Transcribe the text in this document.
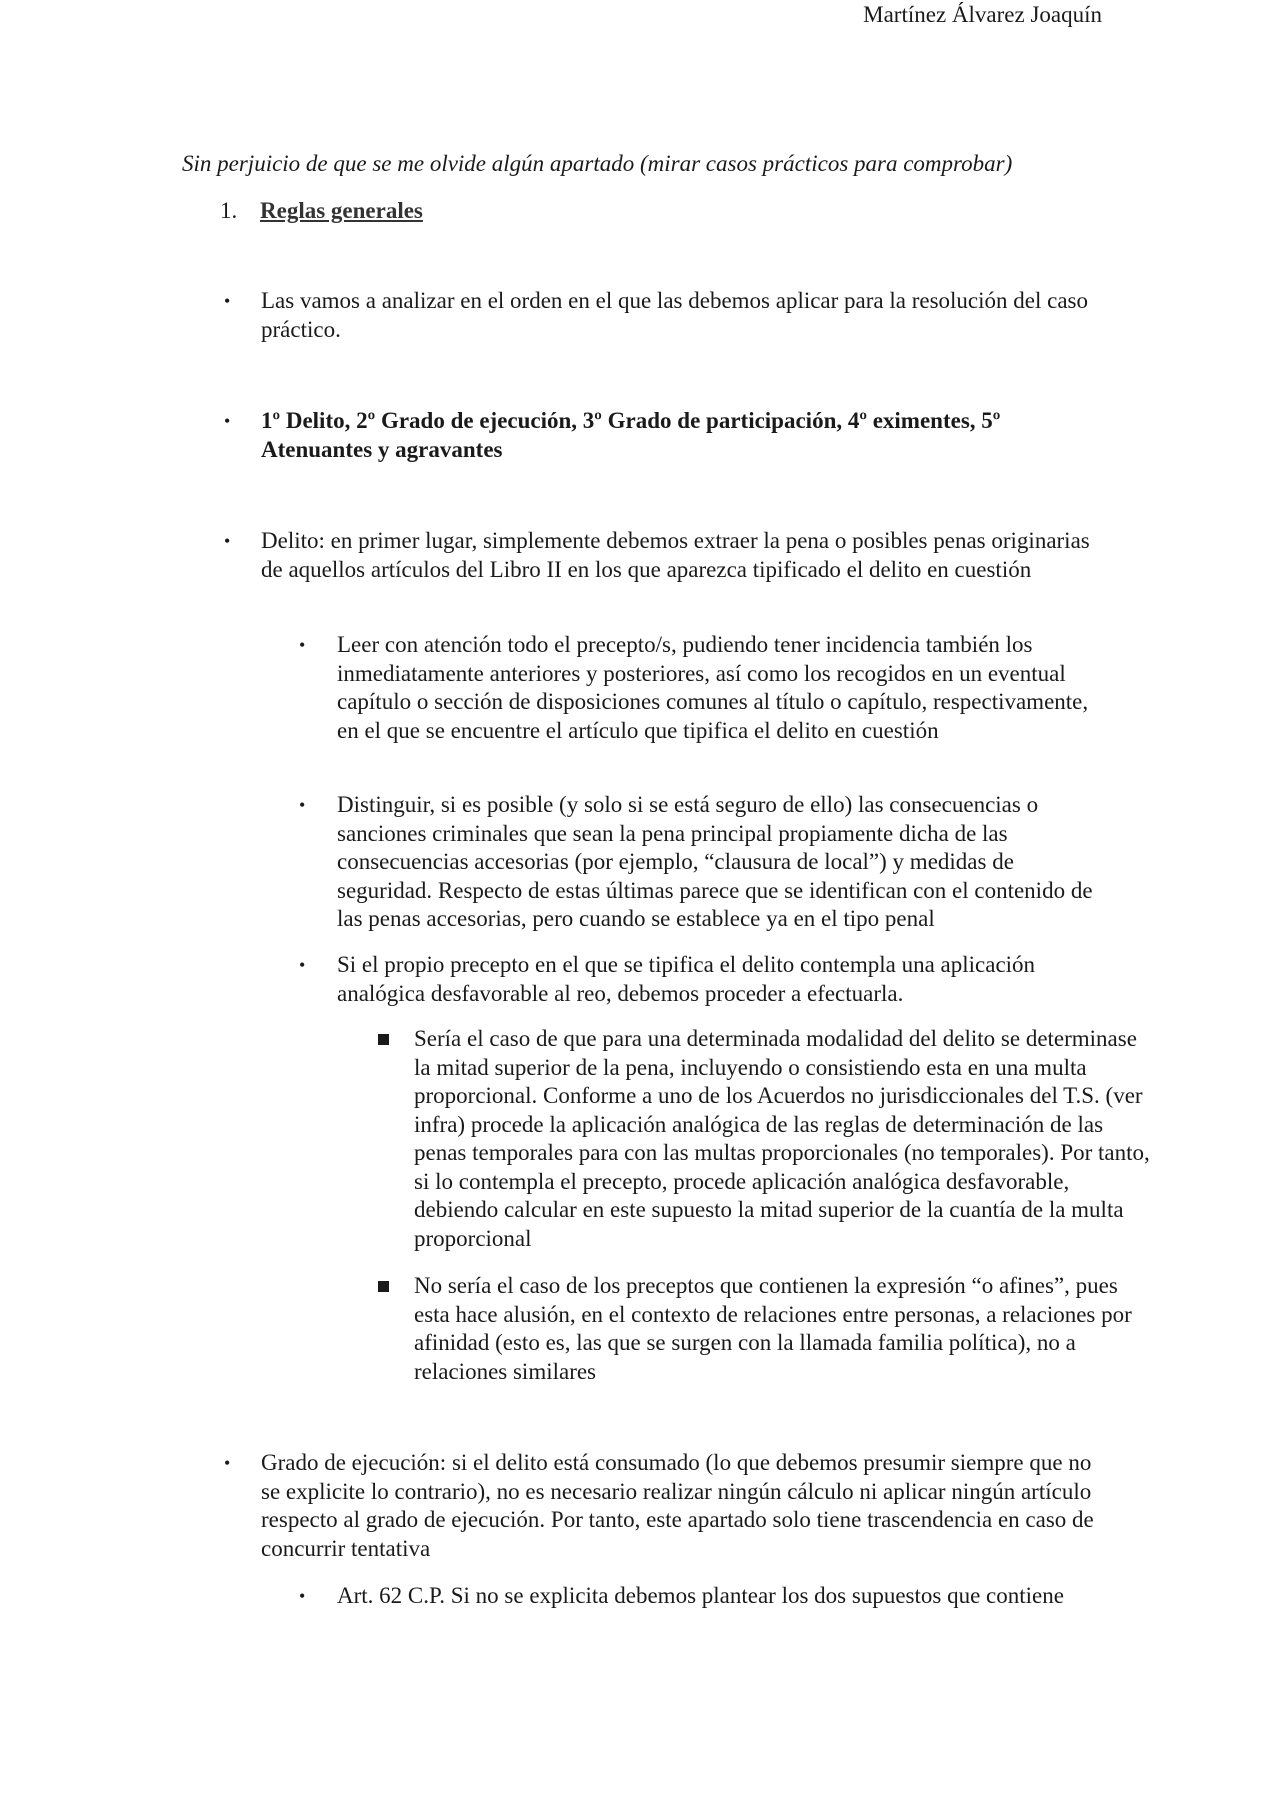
Martínez Álvarez Joaquín
Sin perjuicio de que se me olvide algún apartado (mirar casos prácticos para comprobar)
1. Reglas generales
• Las vamos a analizar en el orden en el que las debemos aplicar para la resolución del caso práctico.
• 1º Delito, 2º Grado de ejecución, 3º Grado de participación, 4º eximentes, 5º Atenuantes y agravantes
• Delito: en primer lugar, simplemente debemos extraer la pena o posibles penas originarias de aquellos artículos del Libro II en los que aparezca tipificado el delito en cuestión
• Leer con atención todo el precepto/s, pudiendo tener incidencia también los inmediatamente anteriores y posteriores, así como los recogidos en un eventual capítulo o sección de disposiciones comunes al título o capítulo, respectivamente, en el que se encuentre el artículo que tipifica el delito en cuestión
• Distinguir, si es posible (y solo si se está seguro de ello) las consecuencias o sanciones criminales que sean la pena principal propiamente dicha de las consecuencias accesorias (por ejemplo, “clausura de local”) y medidas de seguridad. Respecto de estas últimas parece que se identifican con el contenido de las penas accesorias, pero cuando se establece ya en el tipo penal
• Si el propio precepto en el que se tipifica el delito contempla una aplicación analógica desfavorable al reo, debemos proceder a efectuarla.
Sería el caso de que para una determinada modalidad del delito se determinase la mitad superior de la pena, incluyendo o consistiendo esta en una multa proporcional. Conforme a uno de los Acuerdos no jurisdiccionales del T.S. (ver infra) procede la aplicación analógica de las reglas de determinación de las penas temporales para con las multas proporcionales (no temporales). Por tanto, si lo contempla el precepto, procede aplicación analógica desfavorable, debiendo calcular en este supuesto la mitad superior de la cuantía de la multa proporcional
No sería el caso de los preceptos que contienen la expresión “o afines”, pues esta hace alusión, en el contexto de relaciones entre personas, a relaciones por afinidad (esto es, las que se surgen con la llamada familia política), no a relaciones similares
• Grado de ejecución: si el delito está consumado (lo que debemos presumir siempre que no se explicite lo contrario), no es necesario realizar ningún cálculo ni aplicar ningún artículo respecto al grado de ejecución. Por tanto, este apartado solo tiene trascendencia en caso de concurrir tentativa
• Art. 62 C.P. Si no se explicita debemos plantear los dos supuestos que contiene
